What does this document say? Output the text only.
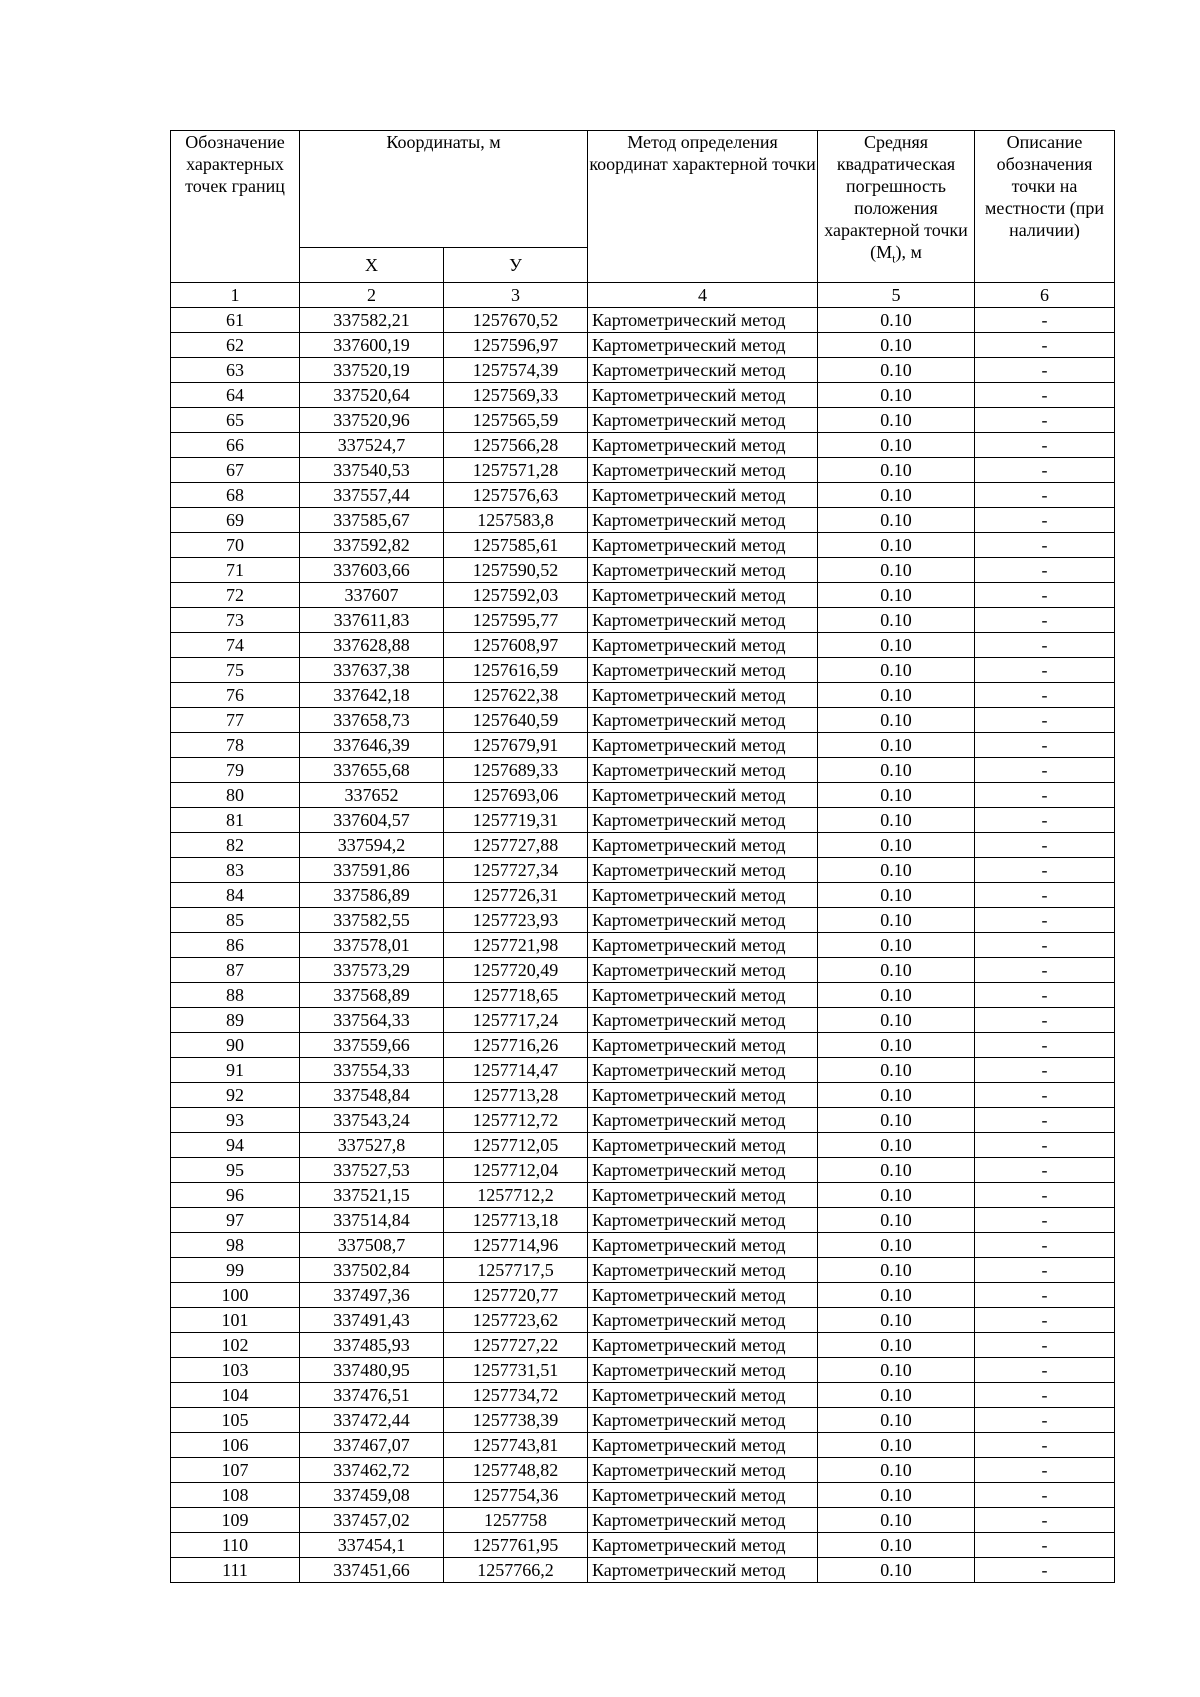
Обозначение характерных точек границ	Координаты, м		Метод определения координат характерной точки	Средняя квадратическая погрешность положения характерной точки $(M_t)$, м	Описание обозначения точки на местности (при наличии)
	Х	У			
1	2	3	4	5	6
61	337582,21	1257670,52	Картометрический метод	0.10	-
62	337600,19	1257596,97	Картометрический метод	0.10	-
63	337520,19	1257574,39	Картометрический метод	0.10	-
64	337520,64	1257569,33	Картометрический метод	0.10	-
65	337520,96	1257565,59	Картометрический метод	0.10	-
66	337524,7	1257566,28	Картометрический метод	0.10	-
67	337540,53	1257571,28	Картометрический метод	0.10	-
68	337557,44	1257576,63	Картометрический метод	0.10	-
69	337585,67	1257583,8	Картометрический метод	0.10	-
70	337592,82	1257585,61	Картометрический метод	0.10	-
71	337603,66	1257590,52	Картометрический метод	0.10	-
72	337607	1257592,03	Картометрический метод	0.10	-
73	337611,83	1257595,77	Картометрический метод	0.10	-
74	337628,88	1257608,97	Картометрический метод	0.10	-
75	337637,38	1257616,59	Картометрический метод	0.10	-
76	337642,18	1257622,38	Картометрический метод	0.10	-
77	337658,73	1257640,59	Картометрический метод	0.10	-
78	337646,39	1257679,91	Картометрический метод	0.10	-
79	337655,68	1257689,33	Картометрический метод	0.10	-
80	337652	1257693,06	Картометрический метод	0.10	-
81	337604,57	1257719,31	Картометрический метод	0.10	-
82	337594,2	1257727,88	Картометрический метод	0.10	-
83	337591,86	1257727,34	Картометрический метод	0.10	-
84	337586,89	1257726,31	Картометрический метод	0.10	-
85	337582,55	1257723,93	Картометрический метод	0.10	-
86	337578,01	1257721,98	Картометрический метод	0.10	-
87	337573,29	1257720,49	Картометрический метод	0.10	-
88	337568,89	1257718,65	Картометрический метод	0.10	-
89	337564,33	1257717,24	Картометрический метод	0.10	-
90	337559,66	1257716,26	Картометрический метод	0.10	-
91	337554,33	1257714,47	Картометрический метод	0.10	-
92	337548,84	1257713,28	Картометрический метод	0.10	-
93	337543,24	1257712,72	Картометрический метод	0.10	-
94	337527,8	1257712,05	Картометрический метод	0.10	-
95	337527,53	1257712,04	Картометрический метод	0.10	-
96	337521,15	1257712,2	Картометрический метод	0.10	-
97	337514,84	1257713,18	Картометрический метод	0.10	-
98	337508,7	1257714,96	Картометрический метод	0.10	-
99	337502,84	1257717,5	Картометрический метод	0.10	-
100	337497,36	1257720,77	Картометрический метод	0.10	-
101	337491,43	1257723,62	Картометрический метод	0.10	-
102	337485,93	1257727,22	Картометрический метод	0.10	-
103	337480,95	1257731,51	Картометрический метод	0.10	-
104	337476,51	1257734,72	Картометрический метод	0.10	-
105	337472,44	1257738,39	Картометрический метод	0.10	-
106	337467,07	1257743,81	Картометрический метод	0.10	-
107	337462,72	1257748,82	Картометрический метод	0.10	-
108	337459,08	1257754,36	Картометрический метод	0.10	-
109	337457,02	1257758	Картометрический метод	0.10	-
110	337454,1	1257761,95	Картометрический метод	0.10	-
111	337451,66	1257766,2	Картометрический метод	0.10	-
